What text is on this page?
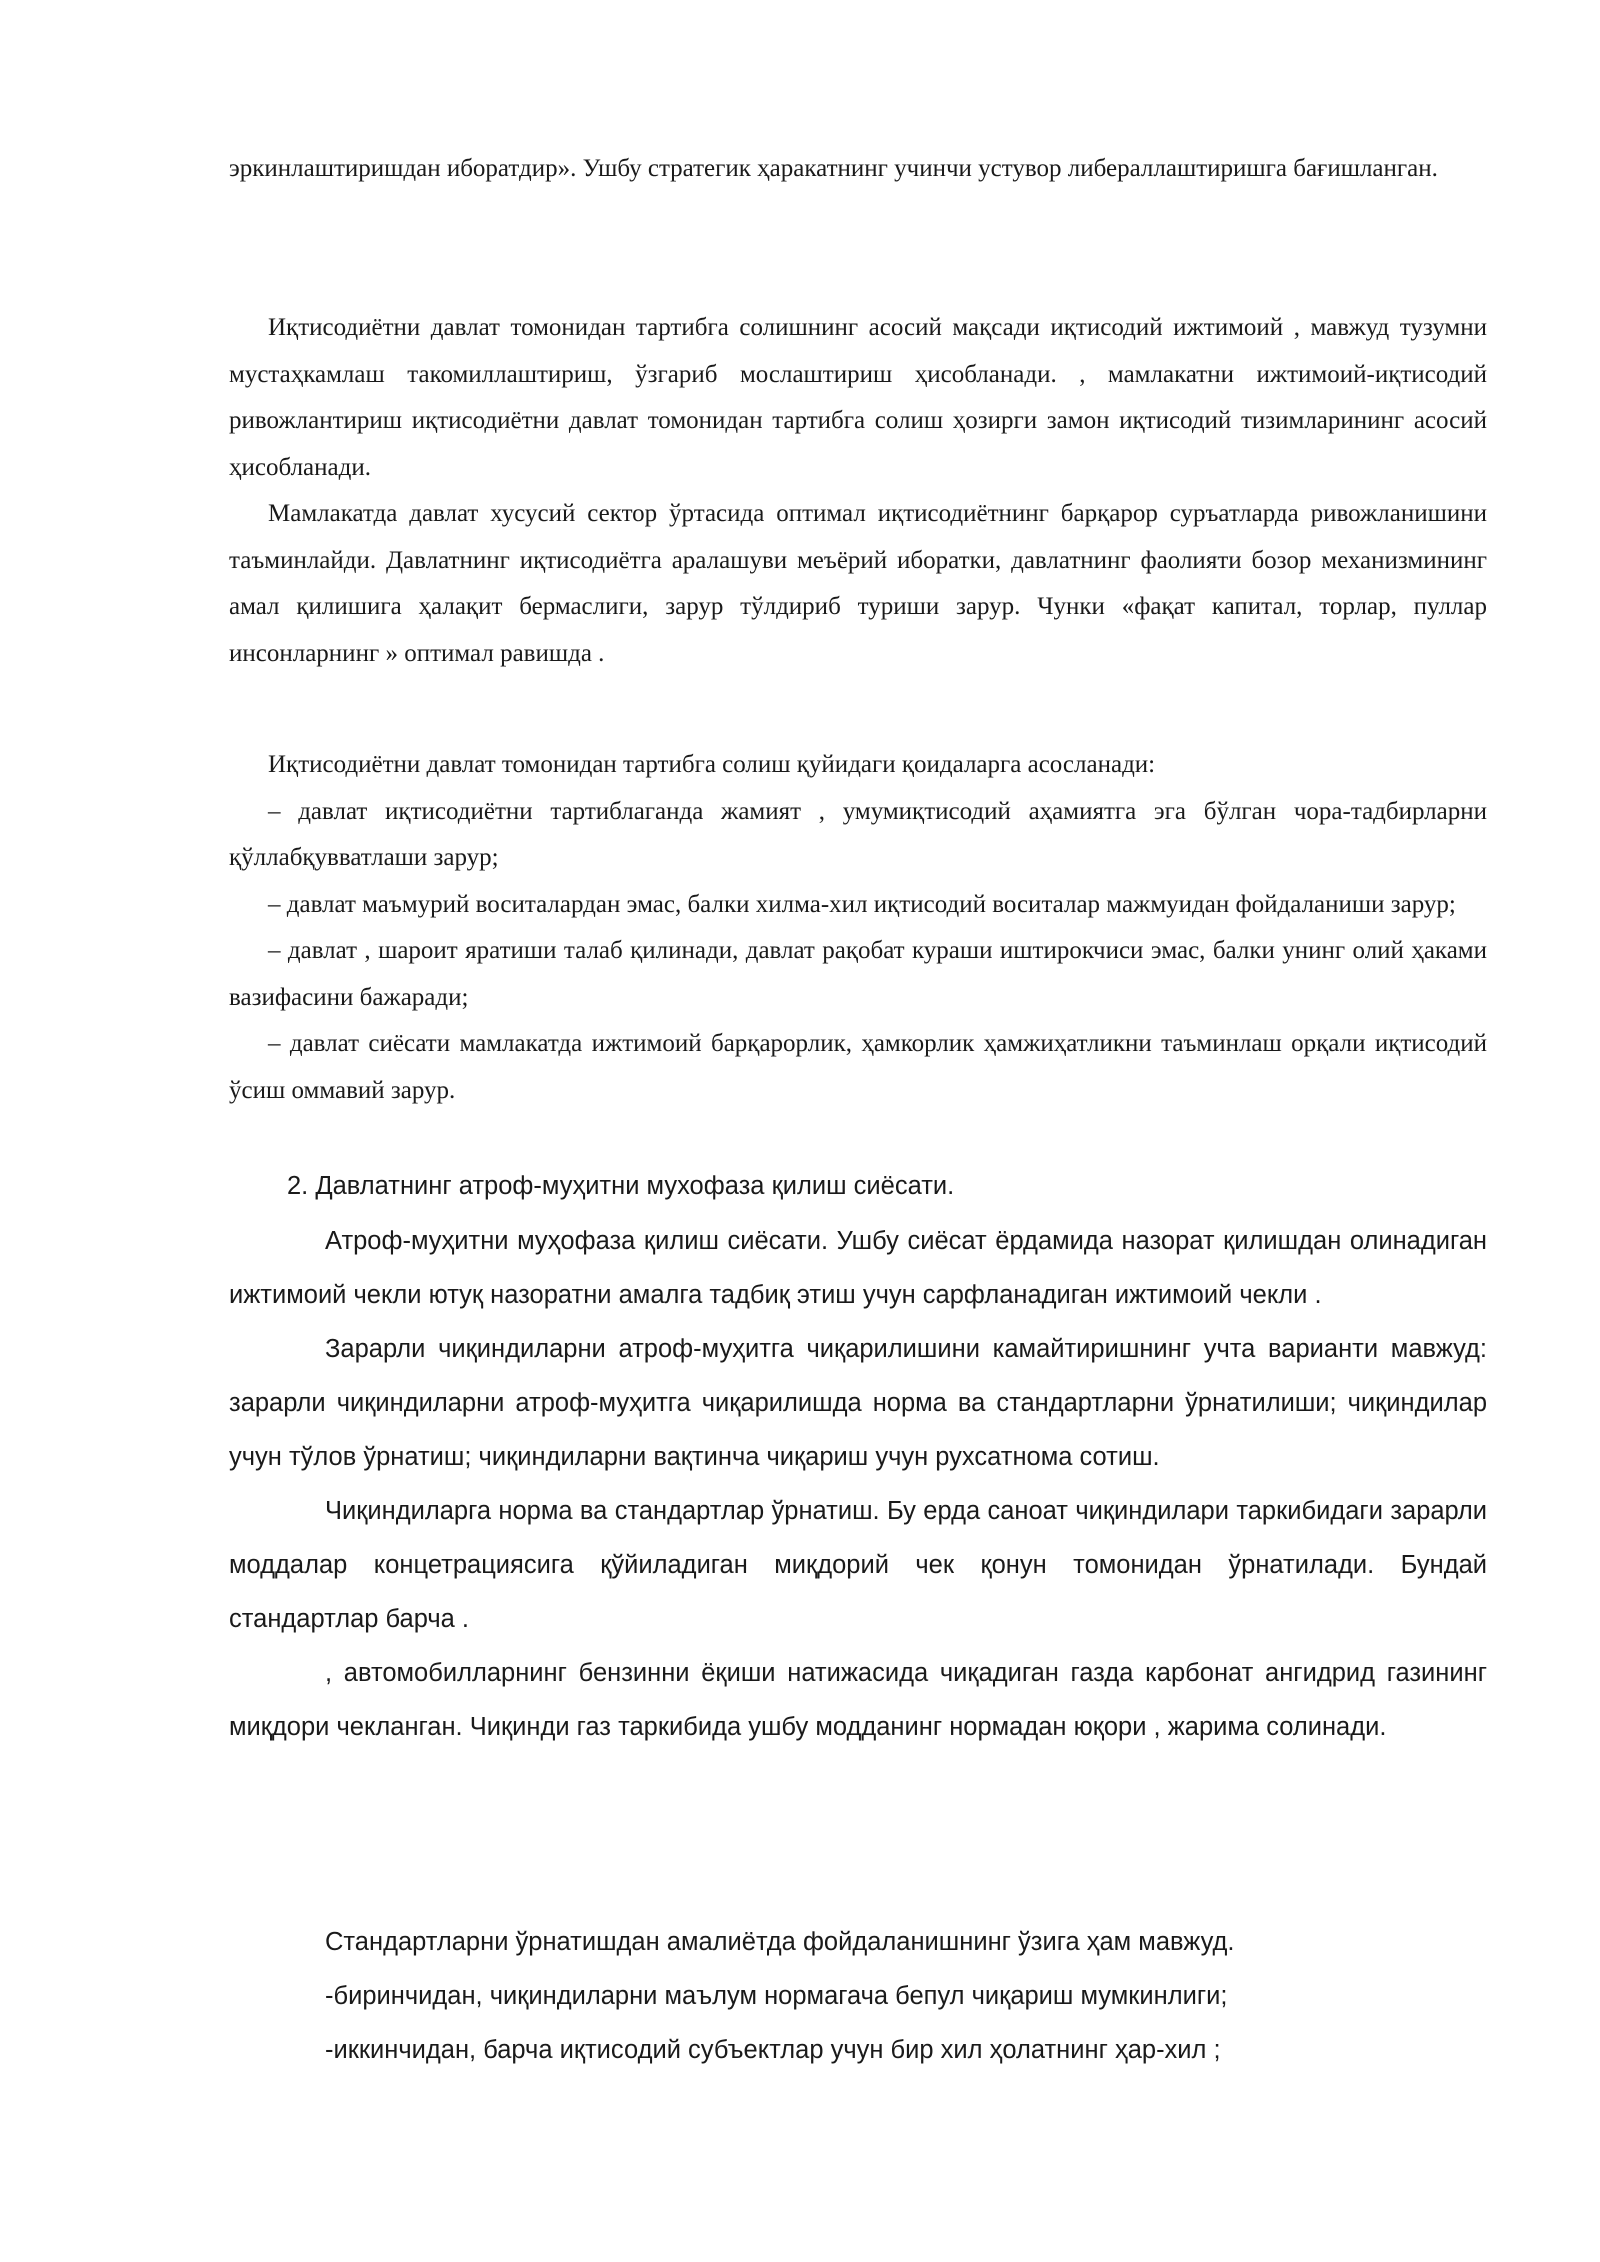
эркинлаштиришдан иборатдир». Ушбу стратегик ҳаракатнинг учинчи устувор либераллаштиришга бағишланган.

Иқтисодиётни давлат томонидан тартибга солишнинг асосий мақсади иқтисодий ижтимоий , мавжуд тузумни мустаҳкамлаш такомиллаштириш, ўзгариб мослаштириш ҳисобланади. , мамлакатни ижтимоий-иқтисодий ривожлантириш иқтисодиётни давлат томонидан тартибга солиш ҳозирги замон иқтисодий тизимларининг асосий ҳисобланади.

Мамлакатда давлат хусусий сектор ўртасида оптимал иқтисодиётнинг барқарор суръатларда ривожланишини таъминлайди. Давлатнинг иқтисодиётга аралашуви меъёрий иборатки, давлатнинг фаолияти бозор механизмининг амал қилишига ҳалақит бермаслиги, зарур тўлдириб туриши зарур. Чунки «фақат капитал, торлар, пуллар инсонларнинг » оптимал равишда .

Иқтисодиётни давлат томонидан тартибга солиш қуйидаги қоидаларга асосланади:

– давлат иқтисодиётни тартиблаганда жамият , умумиқтисодий аҳамиятга эга бўлган чора-тадбирларни қўллабқувватлаши зарур;

– давлат маъмурий воситалардан эмас, балки хилма-хил иқтисодий воситалар мажмуидан фойдаланиши зарур;

– давлат , шароит яратиши талаб қилинади, давлат рақобат кураши иштирокчиси эмас, балки унинг олий ҳаками вазифасини бажаради;

– давлат сиёсати мамлакатда ижтимоий барқарорлик, ҳамкорлик ҳамжиҳатликни таъминлаш орқали иқтисодий ўсиш оммавий зарур.

2. Давлатнинг атроф-муҳитни мухофаза қилиш сиёсати.

Атроф-муҳитни муҳофаза қилиш сиёсати. Ушбу сиёсат ёрдамида назорат қилишдан олинадиган ижтимоий чекли ютуқ назоратни амалга тадбиқ этиш учун сарфланадиган ижтимоий чекли .

Зарарли чиқиндиларни атроф-муҳитга чиқарилишини камайтиришнинг учта варианти мавжуд: зарарли чиқиндиларни атроф-муҳитга чиқарилишда норма ва стандартларни ўрнатилиши; чиқиндилар учун тўлов ўрнатиш; чиқиндиларни вақтинча чиқариш учун рухсатнома сотиш.

Чиқиндиларга норма ва стандартлар ўрнатиш. Бу ерда саноат чиқиндилари таркибидаги зарарли моддалар концетрациясига қўйиладиган миқдорий чек қонун томонидан ўрнатилади. Бундай стандартлар барча .

, автомобилларнинг бензинни ёқиши натижасида чиқадиган газда карбонат ангидрид газининг миқдори чекланган. Чиқинди газ таркибида ушбу модданинг нормадан юқори , жарима солинади.

Стандартларни ўрнатишдан амалиётда фойдаланишнинг ўзига ҳам мавжуд.

-биринчидан, чиқиндиларни маълум нормагача бепул чиқариш мумкинлиги;

-иккинчидан, барча иқтисодий субъектлар учун бир хил ҳолатнинг ҳар-хил ;
